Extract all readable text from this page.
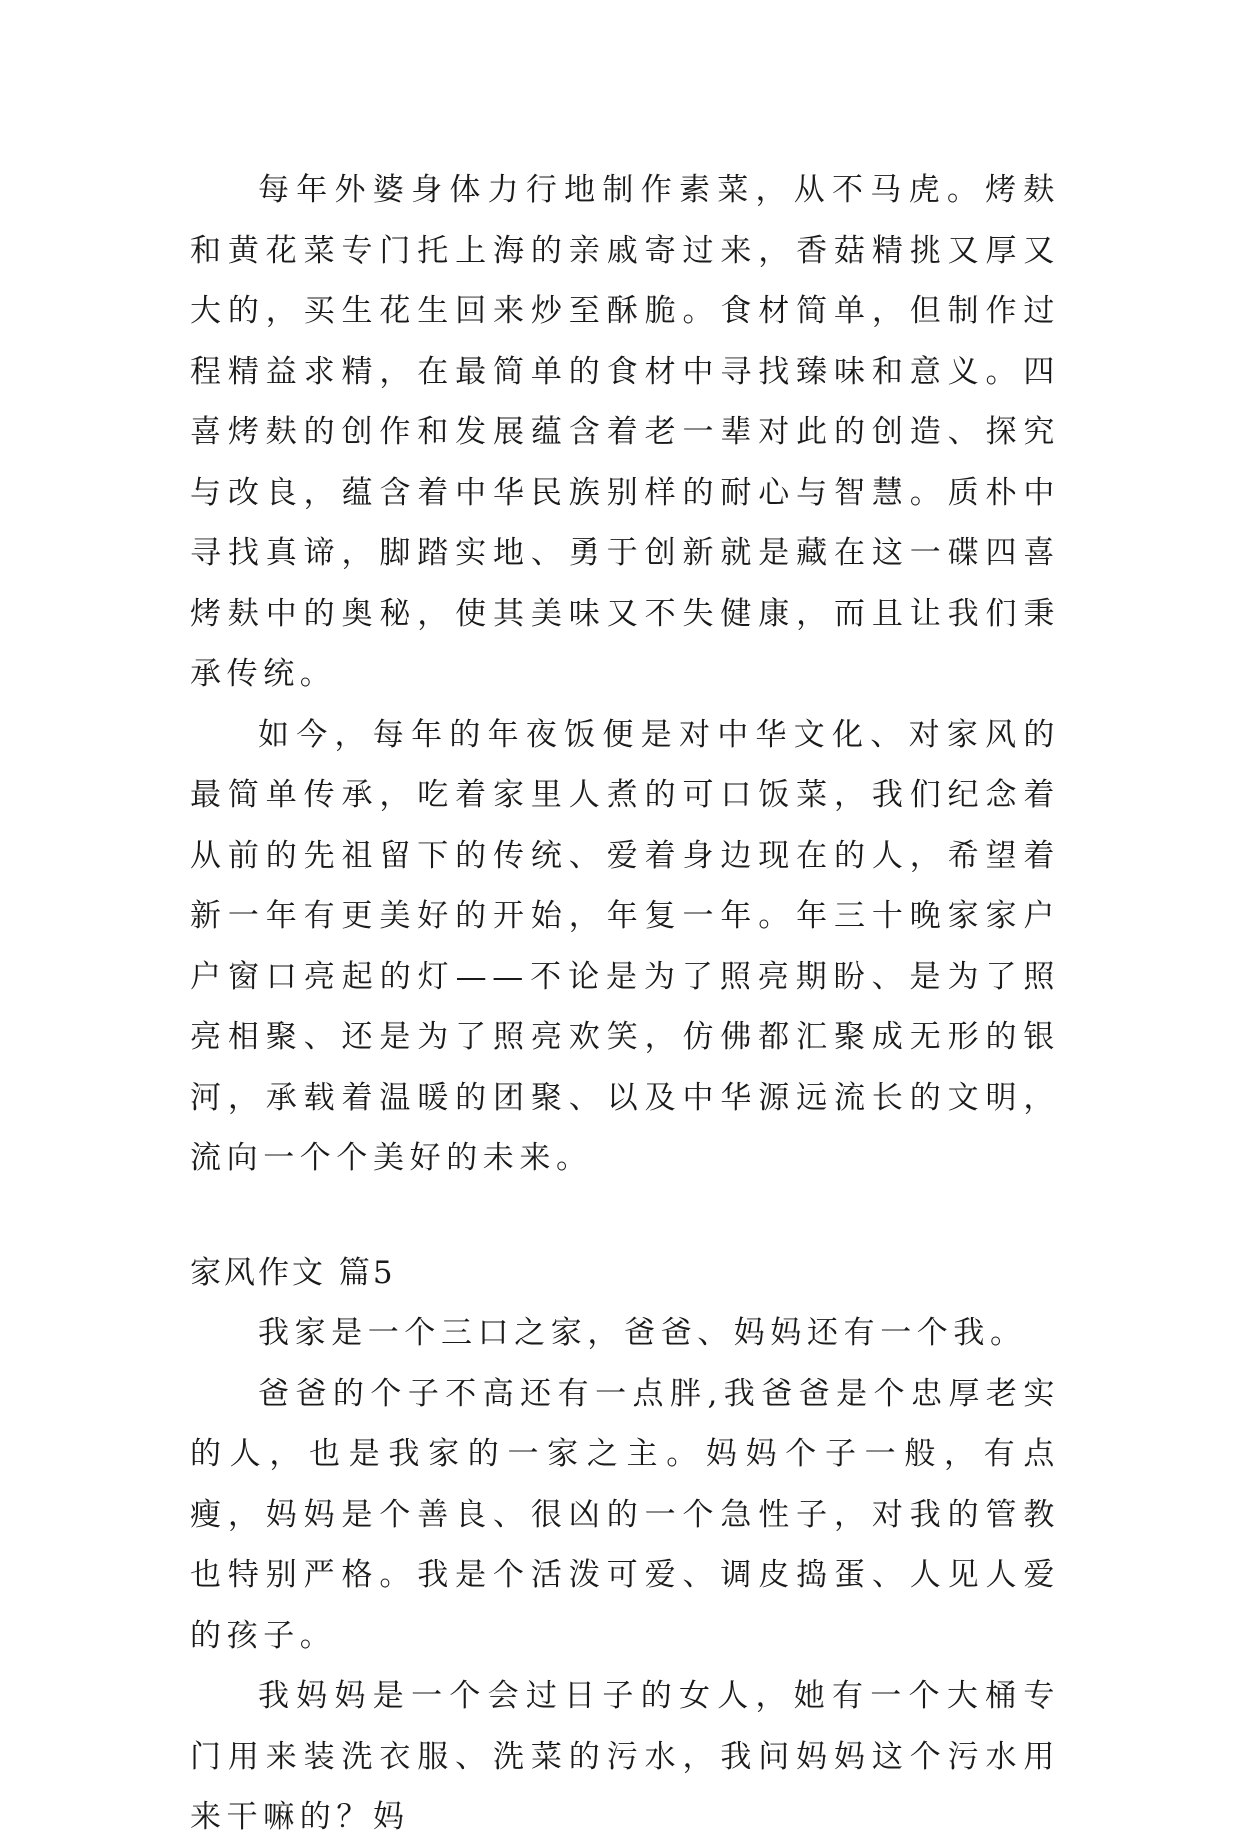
每年外婆身体力行地制作素菜，从不马虎。烤麸和黄花菜专门托上海的亲戚寄过来，香菇精挑又厚又大的，买生花生回来炒至酥脆。食材简单，但制作过程精益求精，在最简单的食材中寻找臻味和意义。四喜烤麸的创作和发展蕴含着老一辈对此的创造、探究与改良，蕴含着中华民族别样的耐心与智慧。质朴中寻找真谛，脚踏实地、勇于创新就是藏在这一碟四喜烤麸中的奥秘，使其美味又不失健康，而且让我们秉承传统。

如今，每年的年夜饭便是对中华文化、对家风的最简单传承，吃着家里人煮的可口饭菜，我们纪念着从前的先祖留下的传统、爱着身边现在的人，希望着新一年有更美好的开始，年复一年。年三十晚家家户户窗口亮起的灯——不论是为了照亮期盼、是为了照亮相聚、还是为了照亮欢笑，仿佛都汇聚成无形的银河，承载着温暖的团聚、以及中华源远流长的文明，流向一个个美好的未来。

家风作文 篇5

我家是一个三口之家，爸爸、妈妈还有一个我。

爸爸的个子不高还有一点胖,我爸爸是个忠厚老实的人，也是我家的一家之主。妈妈个子一般，有点瘦，妈妈是个善良、很凶的一个急性子，对我的管教也特别严格。我是个活泼可爱、调皮捣蛋、人见人爱的孩子。

我妈妈是一个会过日子的女人，她有一个大桶专门用来装洗衣服、洗菜的污水，我问妈妈这个污水用来干嘛的？妈
